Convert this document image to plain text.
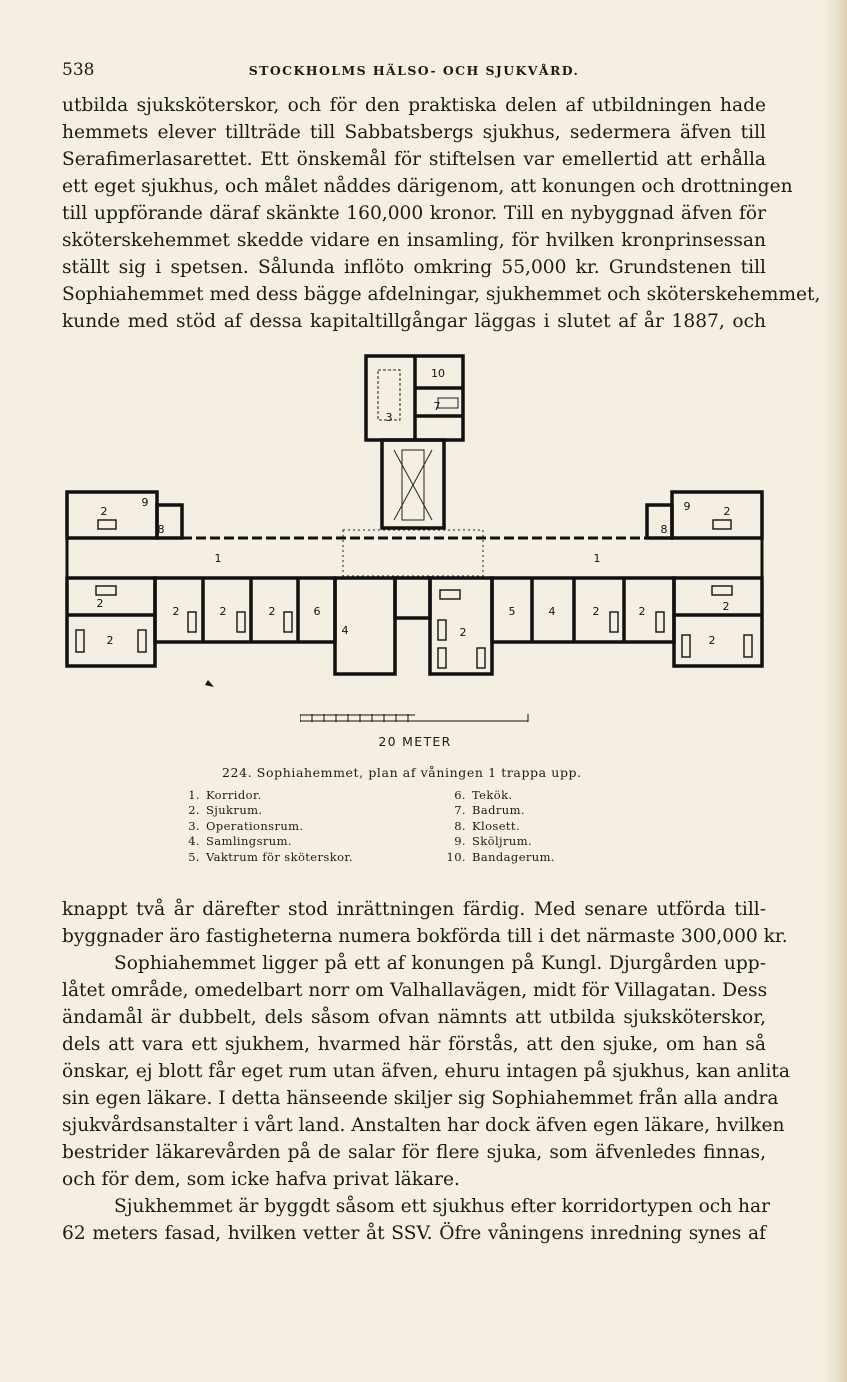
538	STOCKHOLMS HÄLSO- OCH SJUKVÅRD.

utbilda sjuksköterskor, och för den praktiska delen af utbildningen hade

hemmets elever tillträde till Sabbatsbergs sjukhus, sedermera äfven till

Serafimerlasarettet. Ett önskemål för stiftelsen var emellertid att erhålla

ett eget sjukhus, och målet nåddes därigenom, att konungen och drottningen

till uppförande däraf skänkte 160,000 kronor. Till en nybyggnad äfven för

sköterskehemmet skedde vidare en insamling, för hvilken kronprinsessan

ställt sig i spetsen. Sålunda inflöto omkring 55,000 kr. Grundstenen till

Sophiahemmet med dess bägge afdelningar, sjukhemmet och sköterskehemmet,

kunde med stöd af dessa kapitaltillgångar läggas i slutet af år 1887, och

10
3
7
2
9
8
2
9
8
1	1
2
2
2	2	2	6
4	2
5	4	2	2	2
2
20 METER
224. Sophiahemmet, plan af våningen 1 trappa upp.
1. Korridor.
2. Sjukrum.
3. Operationsrum.
4. Samlingsrum.
5. Vaktrum för sköterskor.
6. Tekök.
7. Badrum.
8. Klosett.
9. Sköljrum.
10. Bandagerum.

knappt två år därefter stod inrättningen färdig. Med senare utförda till-

byggnader äro fastigheterna numera bokförda till i det närmaste 300,000 kr.

Sophiahemmet ligger på ett af konungen på Kungl. Djurgården upp-

låtet område, omedelbart norr om Valhallavägen, midt för Villagatan. Dess

ändamål är dubbelt, dels såsom ofvan nämnts att utbilda sjuksköterskor,

dels att vara ett sjukhem, hvarmed här förstås, att den sjuke, om han så

önskar, ej blott får eget rum utan äfven, ehuru intagen på sjukhus, kan anlita

sin egen läkare. I detta hänseende skiljer sig Sophiahemmet från alla andra

sjukvårdsanstalter i vårt land. Anstalten har dock äfven egen läkare, hvilken

bestrider läkarevården på de salar för flere sjuka, som äfvenledes finnas,

och för dem, som icke hafva privat läkare.

Sjukhemmet är byggdt såsom ett sjukhus efter korridortypen och har

62 meters fasad, hvilken vetter åt SSV. Öfre våningens inredning synes af
